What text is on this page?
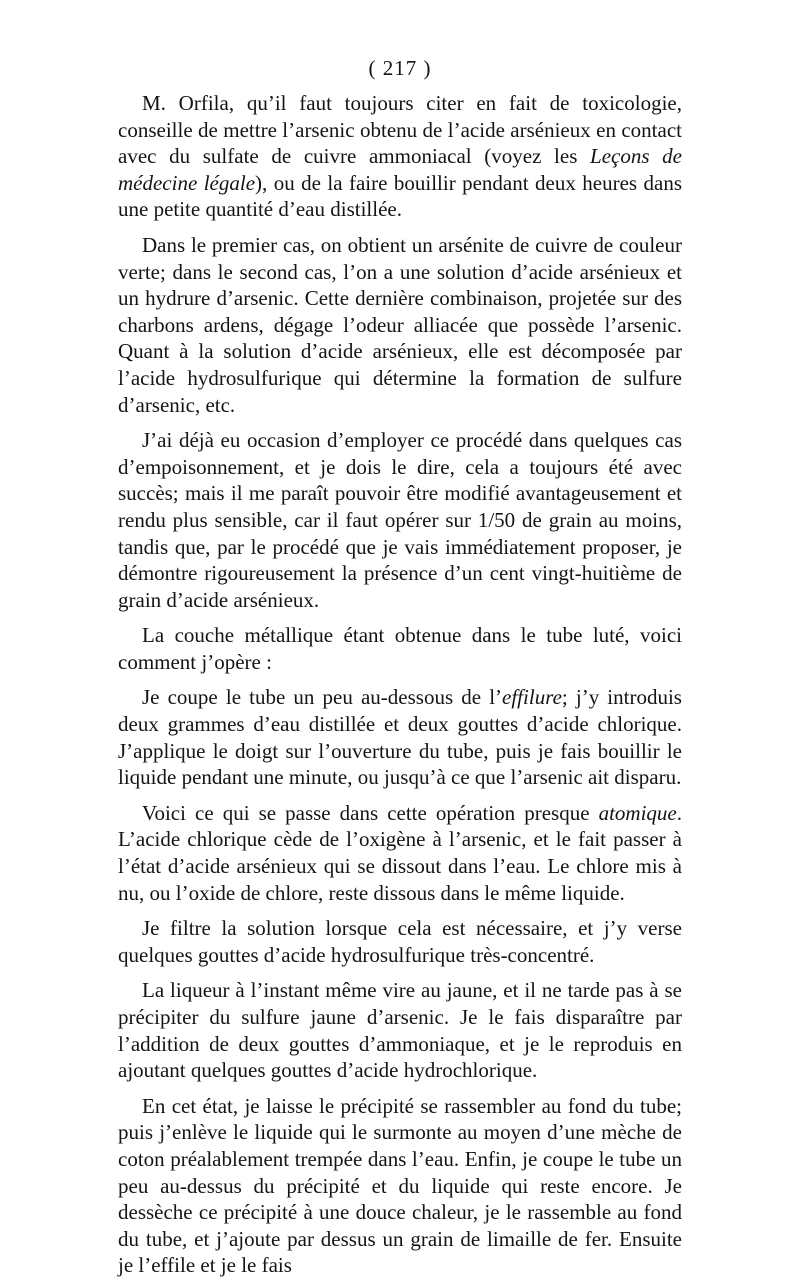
( 217 )

M. Orfila, qu’il faut toujours citer en fait de toxicologie, conseille de mettre l’arsenic obtenu de l’acide arsénieux en contact avec du sulfate de cuivre ammoniacal (voyez les Leçons de médecine légale), ou de la faire bouillir pendant deux heures dans une petite quantité d’eau distillée.

Dans le premier cas, on obtient un arsénite de cuivre de couleur verte; dans le second cas, l’on a une solution d’acide arsénieux et un hydrure d’arsenic. Cette dernière combinaison, projetée sur des charbons ardens, dégage l’odeur alliacée que possède l’arsenic. Quant à la solution d’acide arsénieux, elle est décomposée par l’acide hydrosulfurique qui détermine la formation de sulfure d’arsenic, etc.

J’ai déjà eu occasion d’employer ce procédé dans quelques cas d’empoisonnement, et je dois le dire, cela a toujours été avec succès; mais il me paraît pouvoir être modifié avantageusement et rendu plus sensible, car il faut opérer sur 1/50 de grain au moins, tandis que, par le procédé que je vais immédiatement proposer, je démontre rigoureusement la présence d’un cent vingt-huitième de grain d’acide arsénieux.

La couche métallique étant obtenue dans le tube luté, voici comment j’opère :

Je coupe le tube un peu au-dessous de l’effilure; j’y introduis deux grammes d’eau distillée et deux gouttes d’acide chlorique. J’applique le doigt sur l’ouverture du tube, puis je fais bouillir le liquide pendant une minute, ou jusqu’à ce que l’arsenic ait disparu.

Voici ce qui se passe dans cette opération presque atomique. L’acide chlorique cède de l’oxigène à l’arsenic, et le fait passer à l’état d’acide arsénieux qui se dissout dans l’eau. Le chlore mis à nu, ou l’oxide de chlore, reste dissous dans le même liquide.

Je filtre la solution lorsque cela est nécessaire, et j’y verse quelques gouttes d’acide hydrosulfurique très-concentré.

La liqueur à l’instant même vire au jaune, et il ne tarde pas à se précipiter du sulfure jaune d’arsenic. Je le fais disparaître par l’addition de deux gouttes d’ammoniaque, et je le reproduis en ajoutant quelques gouttes d’acide hydrochlorique.

En cet état, je laisse le précipité se rassembler au fond du tube; puis j’enlève le liquide qui le surmonte au moyen d’une mèche de coton préalablement trempée dans l’eau. Enfin, je coupe le tube un peu au-dessus du précipité et du liquide qui reste encore. Je dessèche ce précipité à une douce chaleur, je le rassemble au fond du tube, et j’ajoute par dessus un grain de limaille de fer. Ensuite je l’effile et je le fais
